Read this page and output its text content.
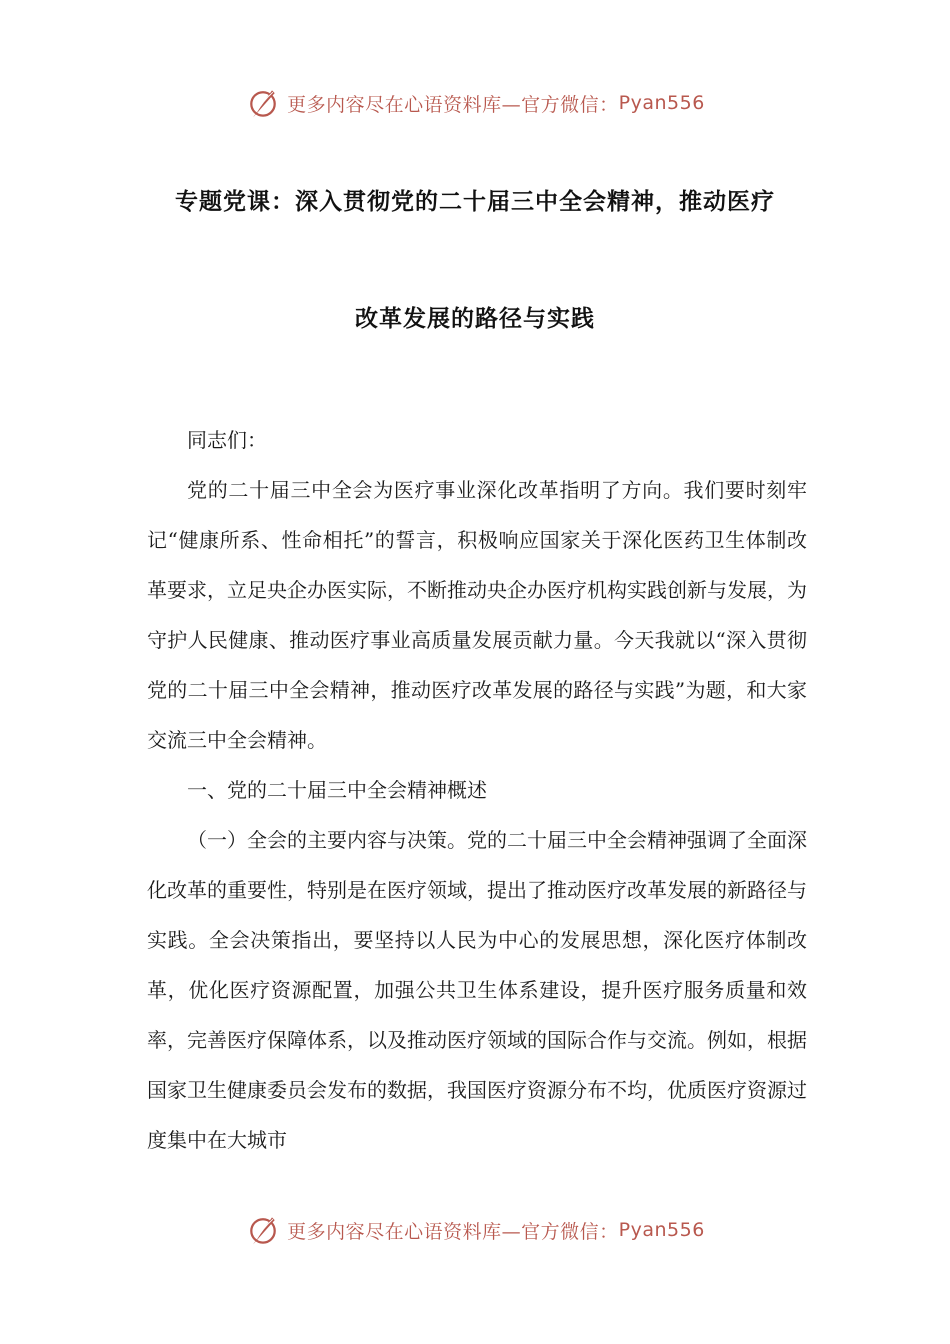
更多内容尽在心语资料库—官方微信： Pyan556
专题党课：深入贯彻党的二十届三中全会精神，推动医疗
改革发展的路径与实践

同志们：

党的二十届三中全会为医疗事业深化改革指明了方向。我们要时刻牢记“健康所系、性命相托”的誓言，积极响应国家关于深化医药卫生体制改革要求，立足央企办医实际，不断推动央企办医疗机构实践创新与发展，为守护人民健康、推动医疗事业高质量发展贡献力量。今天我就以“深入贯彻党的二十届三中全会精神，推动医疗改革发展的路径与实践”为题，和大家交流三中全会精神。

一、党的二十届三中全会精神概述

（一）全会的主要内容与决策。党的二十届三中全会精神强调了全面深化改革的重要性，特别是在医疗领域，提出了推动医疗改革发展的新路径与实践。全会决策指出，要坚持以人民为中心的发展思想，深化医疗体制改革，优化医疗资源配置，加强公共卫生体系建设，提升医疗服务质量和效率，完善医疗保障体系，以及推动医疗领域的国际合作与交流。例如，根据国家卫生健康委员会发布的数据，我国医疗资源分布不均，优质医疗资源过度集中在大城市

更多内容尽在心语资料库—官方微信： Pyan556
